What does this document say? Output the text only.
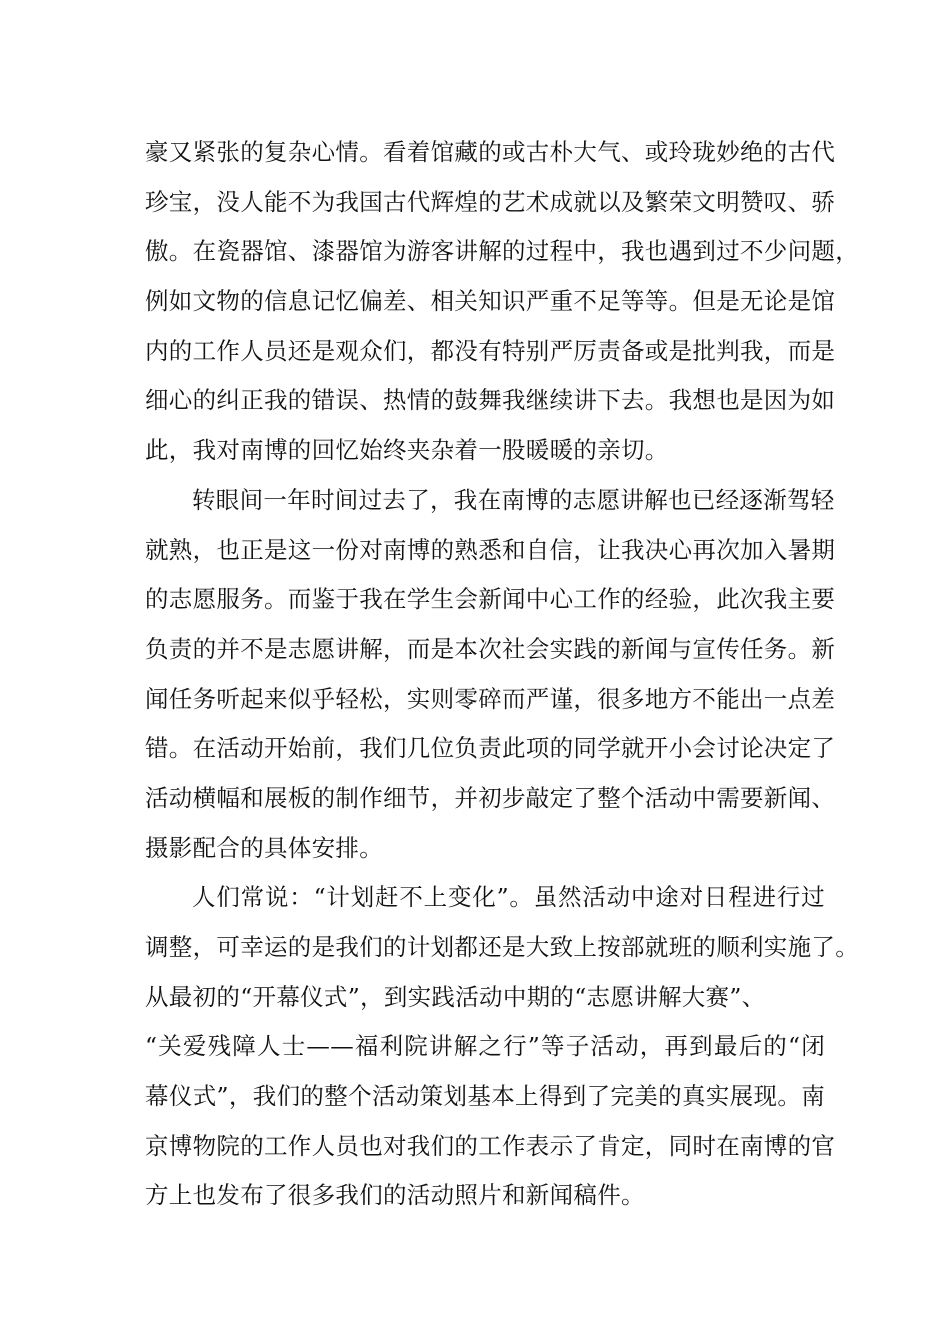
豪又紧张的复杂心情。看着馆藏的或古朴大气、或玲珑妙绝的古代
珍宝，没人能不为我国古代辉煌的艺术成就以及繁荣文明赞叹、骄
傲。在瓷器馆、漆器馆为游客讲解的过程中，我也遇到过不少问题，
例如文物的信息记忆偏差、相关知识严重不足等等。但是无论是馆
内的工作人员还是观众们，都没有特别严厉责备或是批判我，而是
细心的纠正我的错误、热情的鼓舞我继续讲下去。我想也是因为如
此，我对南博的回忆始终夹杂着一股暖暖的亲切。
转眼间一年时间过去了，我在南博的志愿讲解也已经逐渐驾轻
就熟，也正是这一份对南博的熟悉和自信，让我决心再次加入暑期
的志愿服务。而鉴于我在学生会新闻中心工作的经验，此次我主要
负责的并不是志愿讲解，而是本次社会实践的新闻与宣传任务。新
闻任务听起来似乎轻松，实则零碎而严谨，很多地方不能出一点差
错。在活动开始前，我们几位负责此项的同学就开小会讨论决定了
活动横幅和展板的制作细节，并初步敲定了整个活动中需要新闻、
摄影配合的具体安排。
人们常说：“计划赶不上变化”。虽然活动中途对日程进行过
调整，可幸运的是我们的计划都还是大致上按部就班的顺利实施了。
从最初的“开幕仪式”，到实践活动中期的“志愿讲解大赛”、
“关爱残障人士——福利院讲解之行”等子活动，再到最后的“闭
幕仪式”，我们的整个活动策划基本上得到了完美的真实展现。南
京博物院的工作人员也对我们的工作表示了肯定，同时在南博的官
方上也发布了很多我们的活动照片和新闻稿件。
